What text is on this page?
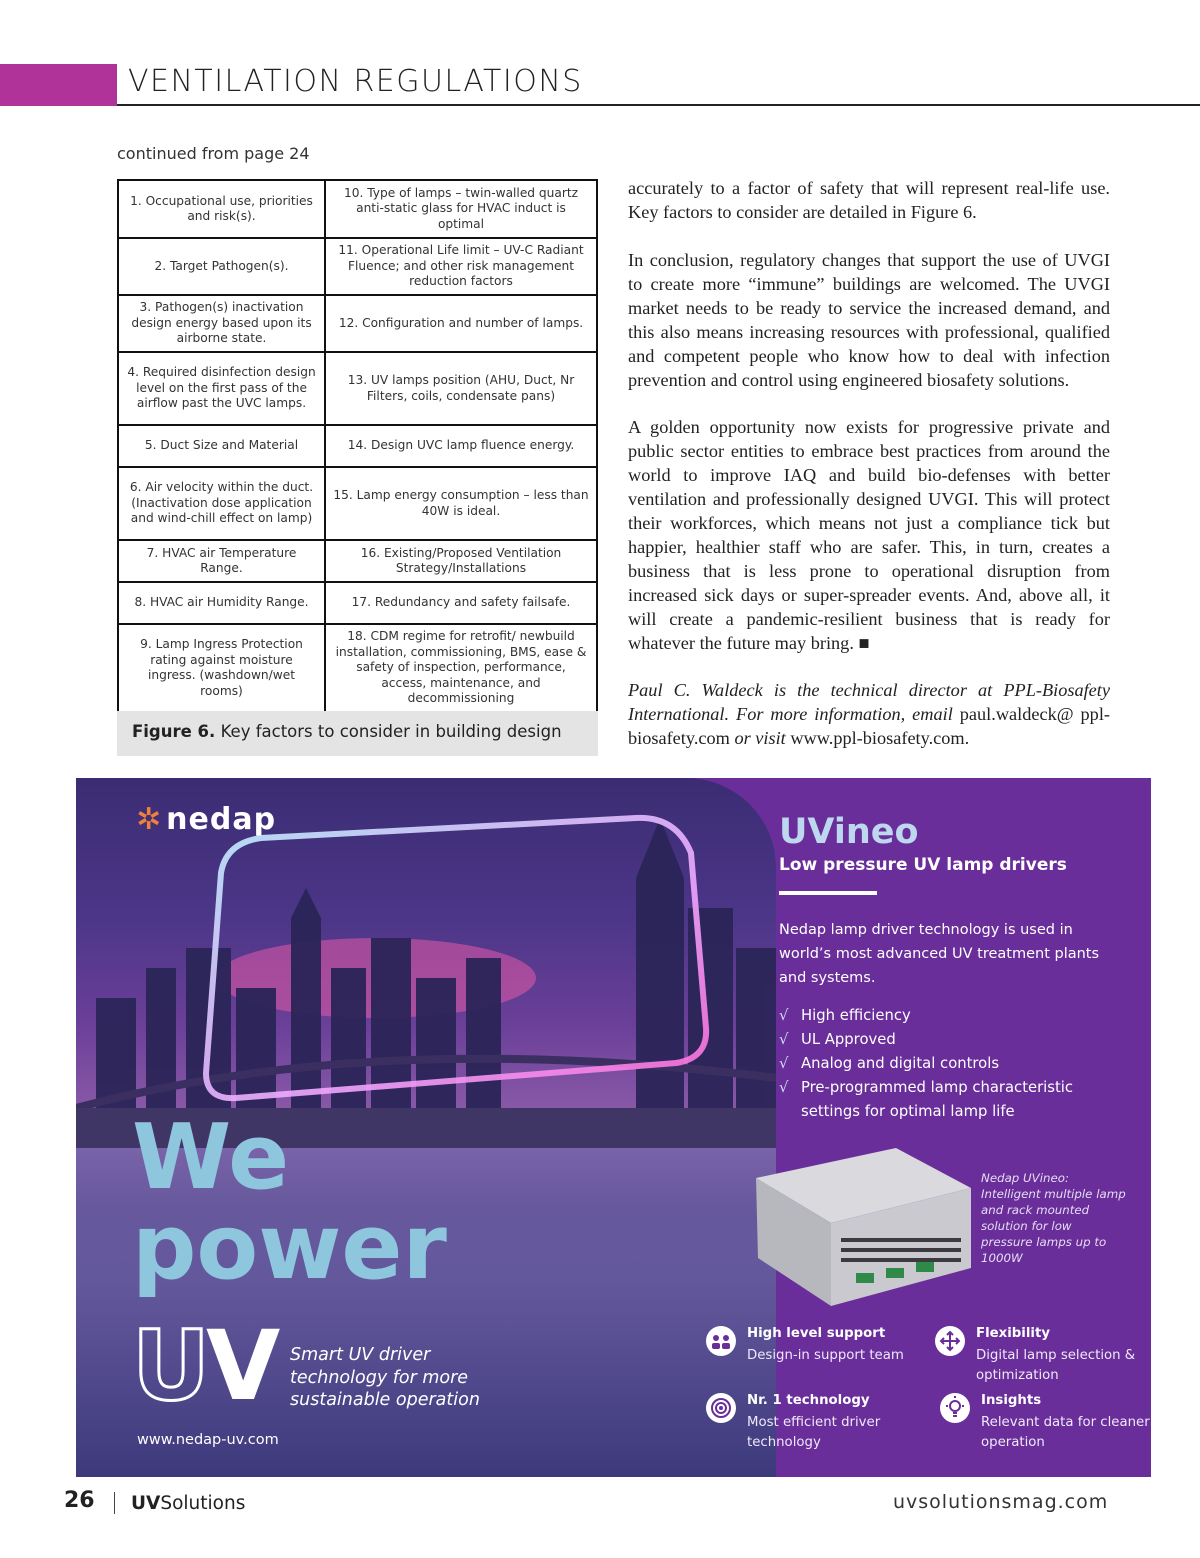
VENTILATION REGULATIONS
continued from page 24
1. Occupational use, priorities and risk(s).	10. Type of lamps – twin-walled quartz anti-static glass for HVAC induct is optimal
2. Target Pathogen(s).	11. Operational Life limit – UV-C Radiant Fluence; and other risk management reduction factors
3. Pathogen(s) inactivation design energy based upon its airborne state.	12. Configuration and number of lamps.
4. Required disinfection design level on the first pass of the airflow past the UVC lamps.	13. UV lamps position (AHU, Duct, Nr Filters, coils, condensate pans)
5. Duct Size and Material	14. Design UVC lamp fluence energy.
6. Air velocity within the duct. (Inactivation dose application and wind-chill effect on lamp)	15. Lamp energy consumption – less than 40W is ideal.
7. HVAC air Temperature Range.	16. Existing/Proposed Ventilation Strategy/Installations
8. HVAC air Humidity Range.	17. Redundancy and safety failsafe.
9. Lamp Ingress Protection rating against moisture ingress. (washdown/wet rooms)	18. CDM regime for retrofit/ newbuild installation, commissioning, BMS, ease & safety of inspection, performance, access, maintenance, and decommissioning
Figure 6. Key factors to consider in building design

accurately to a factor of safety that will represent real-life use. Key factors to consider are detailed in Figure 6.

In conclusion, regulatory changes that support the use of UVGI to create more “immune” buildings are welcomed. The UVGI market needs to be ready to service the increased demand, and this also means increasing resources with professional, qualified and competent people who know how to deal with infection prevention and control using engineered biosafety solutions.

A golden opportunity now exists for progressive private and public sector entities to embrace best practices from around the world to improve IAQ and build bio-defenses with better ventilation and professionally designed UVGI. This will protect their workforces, which means not just a compliance tick but happier, healthier staff who are safer. This, in turn, creates a business that is less prone to operational disruption from increased sick days or super-spreader events. And, above all, it will create a pandemic-resilient business that is ready for whatever the future may bring. ■

Paul C. Waldeck is the technical director at PPL-Biosafety International. For more information, email paul.waldeck@ ppl-biosafety.com or visit www.ppl-biosafety.com.

✲ nedap
We
power
UV Smart UV driver
technology for more
sustainable operation
www.nedap-uv.com
UVineo
Low pressure UV lamp drivers
Nedap lamp driver technology is used in world’s most advanced UV treatment plants and systems.
√ High efficiency
√ UL Approved
√ Analog and digital controls
√ Pre-programmed lamp characteristic settings for optimal lamp life
Nedap UVineo: Intelligent multiple lamp and rack mounted solution for low pressure lamps up to 1000W
High level support
Design-in support team
Flexibility
Digital lamp selection & optimization
Nr. 1 technology
Most efficient driver technology
Insights
Relevant data for cleaner operation
26 UVSolutions	uvsolutionsmag.com
